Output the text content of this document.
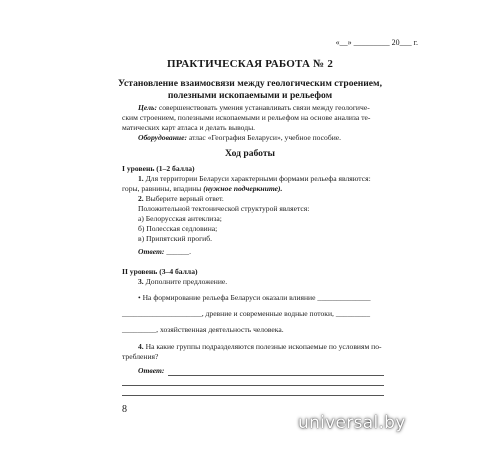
«__» _________ 20___ г.
ПРАКТИЧЕСКАЯ РАБОТА № 2
Установление взаимосвязи между геологическим строением,
полезными ископаемыми и рельефом
Цель: совершенствовать умения устанавливать связи между геологиче-
ским строением, полезными ископаемыми и рельефом на основе анализа те-
матических карт атласа и делать выводы.
Оборудование: атлас «География Беларуси», учебное пособие.
Ход работы
I уровень (1–2 балла)
1. Для территории Беларуси характерными формами рельефа являются:
горы, равнины, впадины (нужное подчеркните).
2. Выберите верный ответ.
Положительной тектонической структурой является:
а) Белорусская антеклиза;
б) Полесская седловина;
в) Припятский прогиб.
Ответ: ______.
II уровень (3–4 балла)
3. Дополните предложение.
• На формирование рельефа Беларуси оказали влияние ______________
_____________________, древние и современные водные потоки, _________
_________, хозяйственная деятельность человека.
4. На какие группы подразделяются полезные ископаемые по условиям по-
требления?
Ответ:
8
universal.by
